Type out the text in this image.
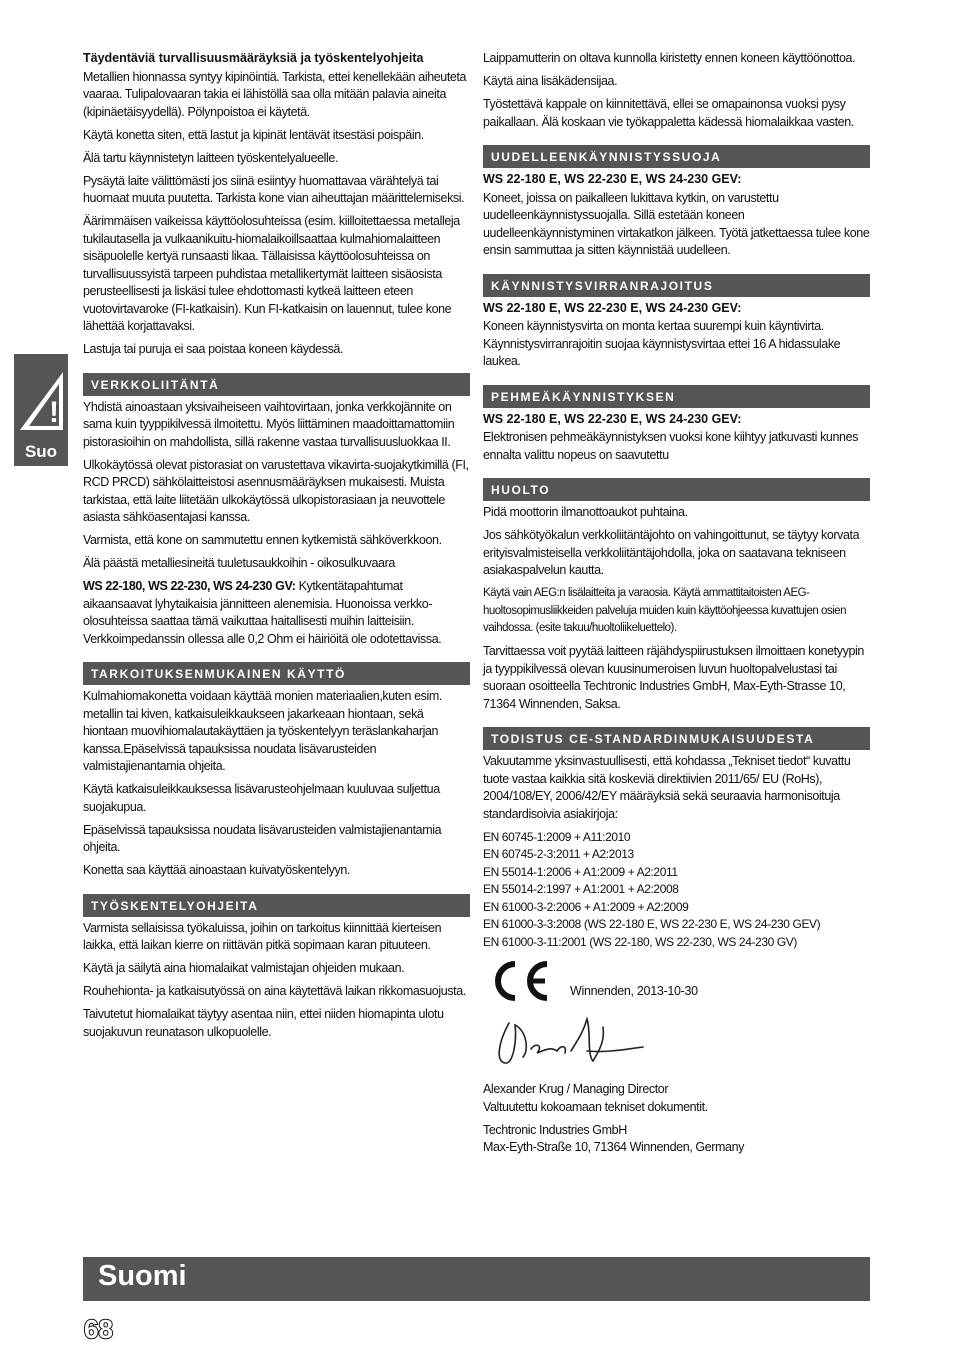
Täydentäviä turvallisuusmääräyksiä ja työskentelyohjeita

Metallien hionnassa syntyy kipinöintiä. Tarkista, ettei kenellekään aiheuteta vaaraa. Tulipalovaaran takia ei lähistöllä saa olla mitään palavia aineita (kipinäetäisyydellä). Pölynpoistoa ei käytetä.

Käytä konetta siten, että lastut ja kipinät lentävät itsestäsi poispäin.

Älä tartu käynnistetyn laitteen työskentelyalueelle.

Pysäytä laite välittömästi jos siinä esiintyy huomattavaa värähtelyä tai huomaat muuta puutetta. Tarkista kone vian aiheuttajan määrittelemiseksi.

Äärimmäisen vaikeissa käyttöolosuhteissa (esim. kiilloitettaessa metalleja tukilautasella ja vulkaanikuitu-hiomalaikoillsaattaa kulmahiomalaitteen sisäpuolelle kertyä runsaasti likaa. Tällaisissa käyttöolosuhteissa on turvallisuussyistä tarpeen puhdistaa metallikertymät laitteen sisäosista perusteellisesti ja liskäsi tulee ehdottomasti kytkeä laitteen eteen vuotovirtavaroke (FI-katkaisin). Kun FI-katkaisin on lauennut, tulee kone lähettää korjattavaksi.

Lastuja tai puruja ei saa poistaa koneen käydessä.

VERKKOLIITÄNTÄ

Yhdistä ainoastaan yksivaiheiseen vaihtovirtaan, jonka verkkojännite on sama kuin tyyppikilvessä ilmoitettu. Myös liittäminen maadoittamattomiin pistorasioihin on mahdollista, sillä rakenne vastaa turvallisuusluokkaa II.

Ulkokäytössä olevat pistorasiat on varustettava vikavirta-suojakytkimillä (FI, RCD PRCD) sähkölaitteistosi asennusmääräyksen mukaisesti. Muista tarkistaa, että laite liitetään ulkokäytössä ulkopistorasiaan ja neuvottele asiasta sähköasentajasi kanssa.

Varmista, että kone on sammutettu ennen kytkemistä sähköverkkoon.

Älä päästä metalliesineitä tuuletusaukkoihin - oikosulkuvaara

WS 22-180, WS 22-230, WS 24-230 GV: Kytkentätapahtumat aikaansaavat lyhytaikaisia jännitteen alenemisia. Huonoissa verkko-olosuhteissa saattaa tämä vaikuttaa haitallisesti muihin laitteisiin. Verkkoimpedanssin ollessa alle 0,2 Ohm ei häiriöitä ole odotettavissa.

TARKOITUKSENMUKAINEN KÄYTTÖ

Kulmahiomakonetta voidaan käyttää monien materiaalien,kuten esim. metallin tai kiven, katkaisuleikkaukseen jakarkeaan hiontaan, sekä hiontaan muovihiomalautakäyttäen ja työskentelyyn teräslankaharjan kanssa.Epäselvissä tapauksissa noudata lisävarusteiden valmistajienantamia ohjeita.

Käytä katkaisuleikkauksessa lisävarusteohjelmaan kuuluvaa suljettua suojakupua.

Epäselvissä tapauksissa noudata lisävarusteiden valmistajienantamia ohjeita.

Konetta saa käyttää ainoastaan kuivatyöskentelyyn.

TYÖSKENTELYOHJEITA

Varmista sellaisissa työkaluissa, joihin on tarkoitus kiinnittää kierteisen laikka, että laikan kierre on riittävän pitkä sopimaan karan pituuteen.

Käytä ja säilytä aina hiomalaikat valmistajan ohjeiden mukaan.

Rouhehionta- ja katkaisutyössä on aina käytettävä laikan rikkomasuojusta.

Taivutetut hiomalaikat täytyy asentaa niin, ettei niiden hiomapinta ulotu suojakuvun reunatason ulkopuolelle.

Laippamutterin on oltava kunnolla kiristetty ennen koneen käyttöönottoa.

Käytä aina lisäkädensijaa.

Työstettävä kappale on kiinnitettävä, ellei se omapainonsa vuoksi pysy paikallaan. Älä koskaan vie työkappaletta kädessä hiomalaikkaa vasten.

UUDELLEENKÄYNNISTYSSUOJA
WS 22-180 E, WS 22-230 E, WS 24-230 GEV:

Koneet, joissa on paikalleen lukittava kytkin, on varustettu uudelleenkäynnistyssuojalla. Sillä estetään koneen uudelleenkäynnistyminen virtakatkon jälkeen. Työtä jatkettaessa tulee kone ensin sammuttaa ja sitten käynnistää uudelleen.

KÄYNNISTYSVIRRANRAJOITUS
WS 22-180 E, WS 22-230 E, WS 24-230 GEV:

Koneen käynnistysvirta on monta kertaa suurempi kuin käyntivirta. Käynnistysvirranrajoitin suojaa käynnistysvirtaa ettei 16 A hidassulake laukea.

PEHMEÄKÄYNNISTYKSEN
WS 22-180 E, WS 22-230 E, WS 24-230 GEV:

Elektronisen pehmeäkäynnistyksen vuoksi kone kiihtyy jatkuvasti kunnes ennalta valittu nopeus on saavutettu

HUOLTO

Pidä moottorin ilmanottoaukot puhtaina.

Jos sähkötyökalun verkkoliitäntäjohto on vahingoittunut, se täytyy korvata erityisvalmisteisella verkkoliitäntäjohdolla, joka on saatavana tekniseen asiakaspalvelun kautta.

Käytä vain AEG:n lisälaitteita ja varaosia. Käytä ammattitaitoisten AEG-huoltosopimusliikkeiden palveluja muiden kuin käyttöohjeessa kuvattujen osien vaihdossa. (esite takuu/huoltoliikeluettelo).

Tarvittaessa voit pyytää laitteen räjähdyspiirustuksen ilmoittaen konetyypin ja tyyppikilvessä olevan kuusinumeroisen luvun huoltopalvelustasi tai suoraan osoitteella Techtronic Industries GmbH, Max-Eyth-Strasse 10, 71364 Winnenden, Saksa.

TODISTUS CE-STANDARDINMUKAISUUDESTA

Vakuutamme yksinvastuullisesti, että kohdassa „Tekniset tiedot“ kuvattu tuote vastaa kaikkia sitä koskeviä direktiivien 2011/65/ EU (RoHs), 2004/108/EY, 2006/42/EY määräyksiä sekä seuraavia harmonisoituja standardisoivia asiakirjoja:

EN 60745-1:2009 + A11:2010
EN 60745-2-3:2011 + A2:2013
EN 55014-1:2006 + A1:2009 + A2:2011
EN 55014-2:1997 + A1:2001 + A2:2008
EN 61000-3-2:2006 + A1:2009 + A2:2009
EN 61000-3-3:2008 (WS 22-180 E, WS 22-230 E, WS 24-230 GEV)
EN 61000-3-11:2001 (WS 22-180, WS 22-230, WS 24-230 GV)
Winnenden, 2013-10-30

Alexander Krug / Managing Director
Valtuutettu kokoamaan tekniset dokumentit.

Techtronic Industries GmbH
Max-Eyth-Straße 10, 71364 Winnenden, Germany

!
Suo
Suomi
68
